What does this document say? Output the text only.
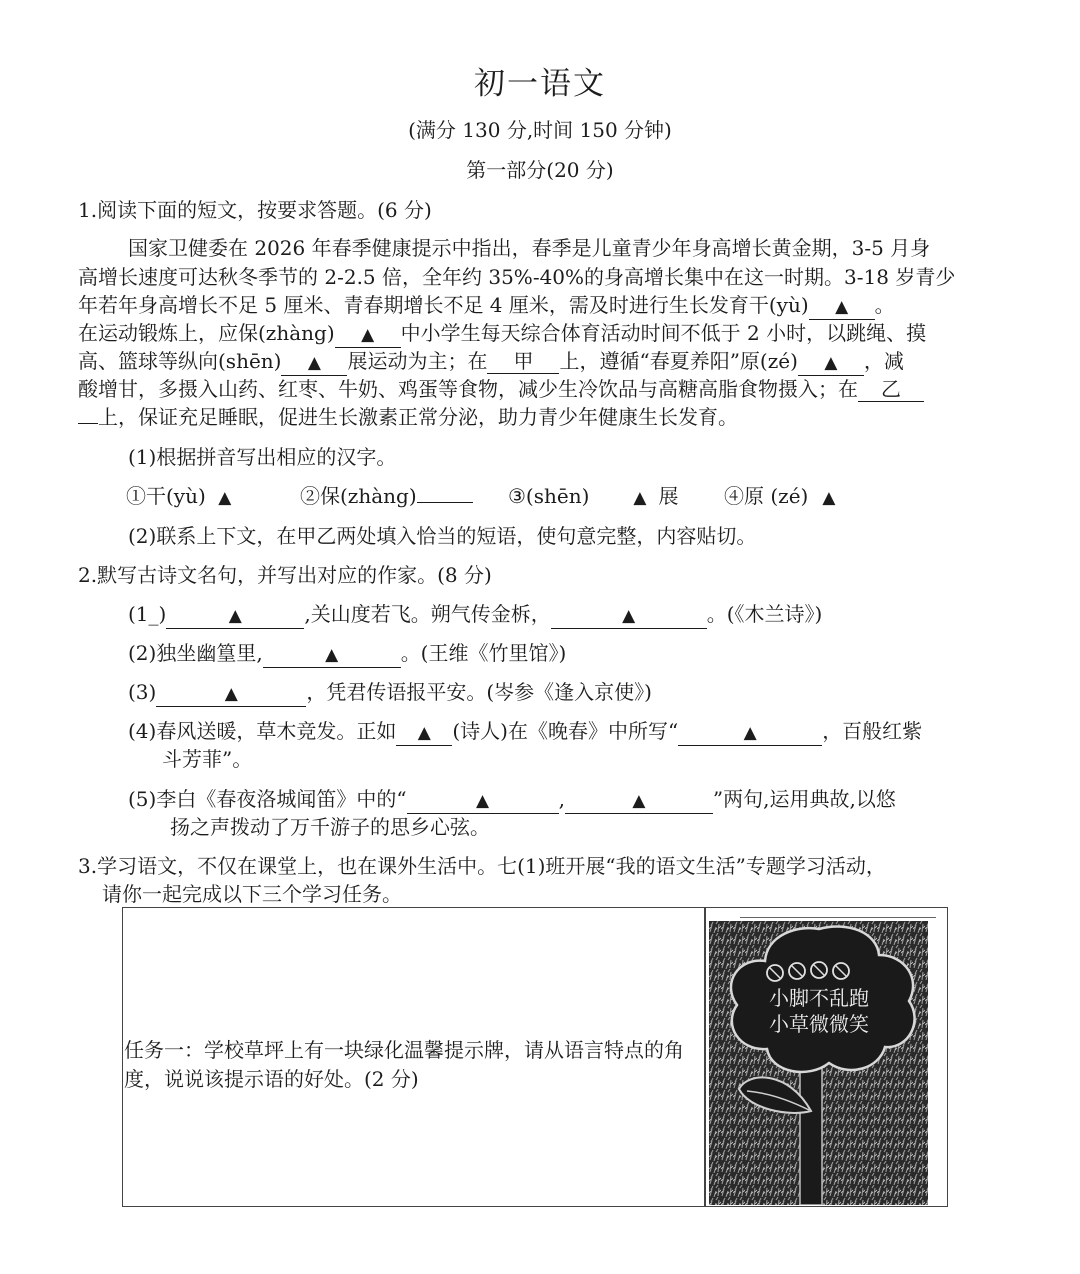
初一语文
(满分 130 分,时间 150 分钟)
第一部分(20 分)
1.阅读下面的短文，按要求答题。(6 分)
国家卫健委在 2026 年春季健康提示中指出，春季是儿童青少年身高增长黄金期，3-5 月身
高增长速度可达秋冬季节的 2-2.5 倍，全年约 35%-40%的身高增长集中在这一时期。3-18 岁青少
年若年身高增长不足 5 厘米、青春期增长不足 4 厘米，需及时进行生长发育干(yù) ▲ 。
在运动锻炼上，应保(zhàng) ▲ 中小学生每天综合体育活动时间不低于 2 小时，以跳绳、摸
高、篮球等纵向(shēn) ▲ 展运动为主；在 甲 上，遵循“春夏养阳”原(zé) ▲ ，减
酸增甘，多摄入山药、红枣、牛奶、鸡蛋等食物，减少生冷饮品与高糖高脂食物摄入；在 乙
上，保证充足睡眠，促进生长激素正常分泌，助力青少年健康生长发育。
(1)根据拼音写出相应的汉字。
①干(yù) ▲	②保(zhàng)	③(shēn)	▲ 展 ④原 (zé) ▲
(2)联系上下文，在甲乙两处填入恰当的短语，使句意完整，内容贴切。
2.默写古诗文名句，并写出对应的作家。(8 分)
(1_)	▲	,关山度若飞。朔气传金柝，	▲	。(《木兰诗》)
(2)独坐幽篁里,	▲	。(王维《竹里馆》)
(3)	▲	，凭君传语报平安。(岑参《逢入京使》)
(4)春风送暖，草木竞发。正如 ▲ (诗人)在《晚春》中所写“	▲	，百般红紫
斗芳菲”。
(5)李白《春夜洛城闻笛》中的“	▲	,	▲	”两句,运用典故,以悠
扬之声拨动了万千游子的思乡心弦。
3.学习语文，不仅在课堂上，也在课外生活中。七(1)班开展“我的语文生活”专题学习活动，
请你一起完成以下三个学习任务。
任务一：学校草坪上有一块绿化温馨提示牌，请从语言特点的角度，说说该提示语的好处。(2 分)
小脚不乱跑
小草微微笑
